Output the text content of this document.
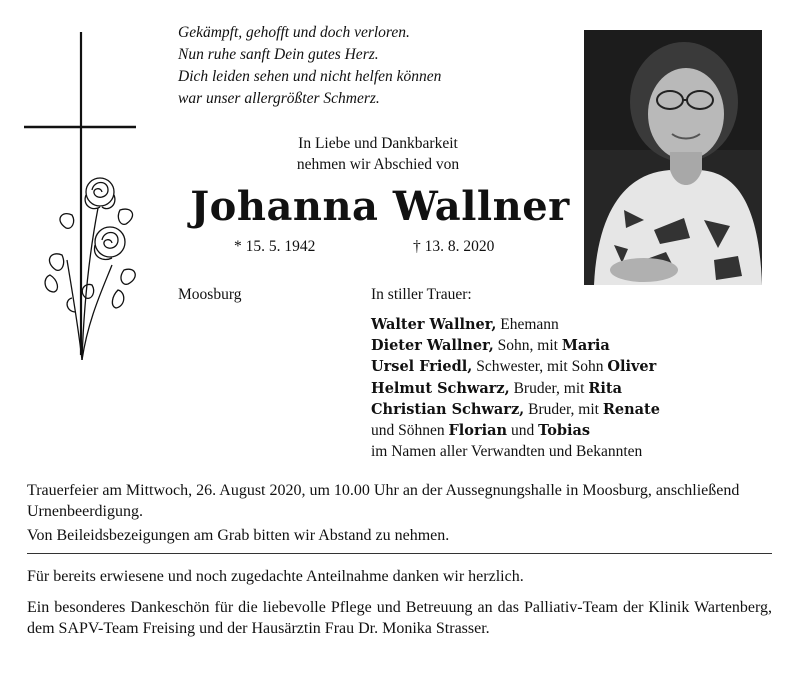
Gekämpft, gehofft und doch verloren.
Nun ruhe sanft Dein gutes Herz.
Dich leiden sehen und nicht helfen können
war unser allergrößter Schmerz.
In Liebe und Dankbarkeit
nehmen wir Abschied von
Johanna Wallner
* 15. 5. 1942	† 13. 8. 2020
Moosburg	In stiller Trauer:
Walter Wallner, Ehemann
Dieter Wallner, Sohn, mit Maria
Ursel Friedl, Schwester, mit Sohn Oliver
Helmut Schwarz, Bruder, mit Rita
Christian Schwarz, Bruder, mit Renate
und Söhnen Florian und Tobias
im Namen aller Verwandten und Bekannten
Trauerfeier am Mittwoch, 26. August 2020, um 10.00 Uhr an der Aussegnungshalle in Moosburg, anschließend Urnenbeerdigung.
Von Beileidsbezeigungen am Grab bitten wir Abstand zu nehmen.
Für bereits erwiesene und noch zugedachte Anteilnahme danken wir herzlich.
Ein besonderes Dankeschön für die liebevolle Pflege und Betreuung an das Palliativ-Team der Klinik Wartenberg, dem SAPV-Team Freising und der Hausärztin Frau Dr. Monika Strasser.
